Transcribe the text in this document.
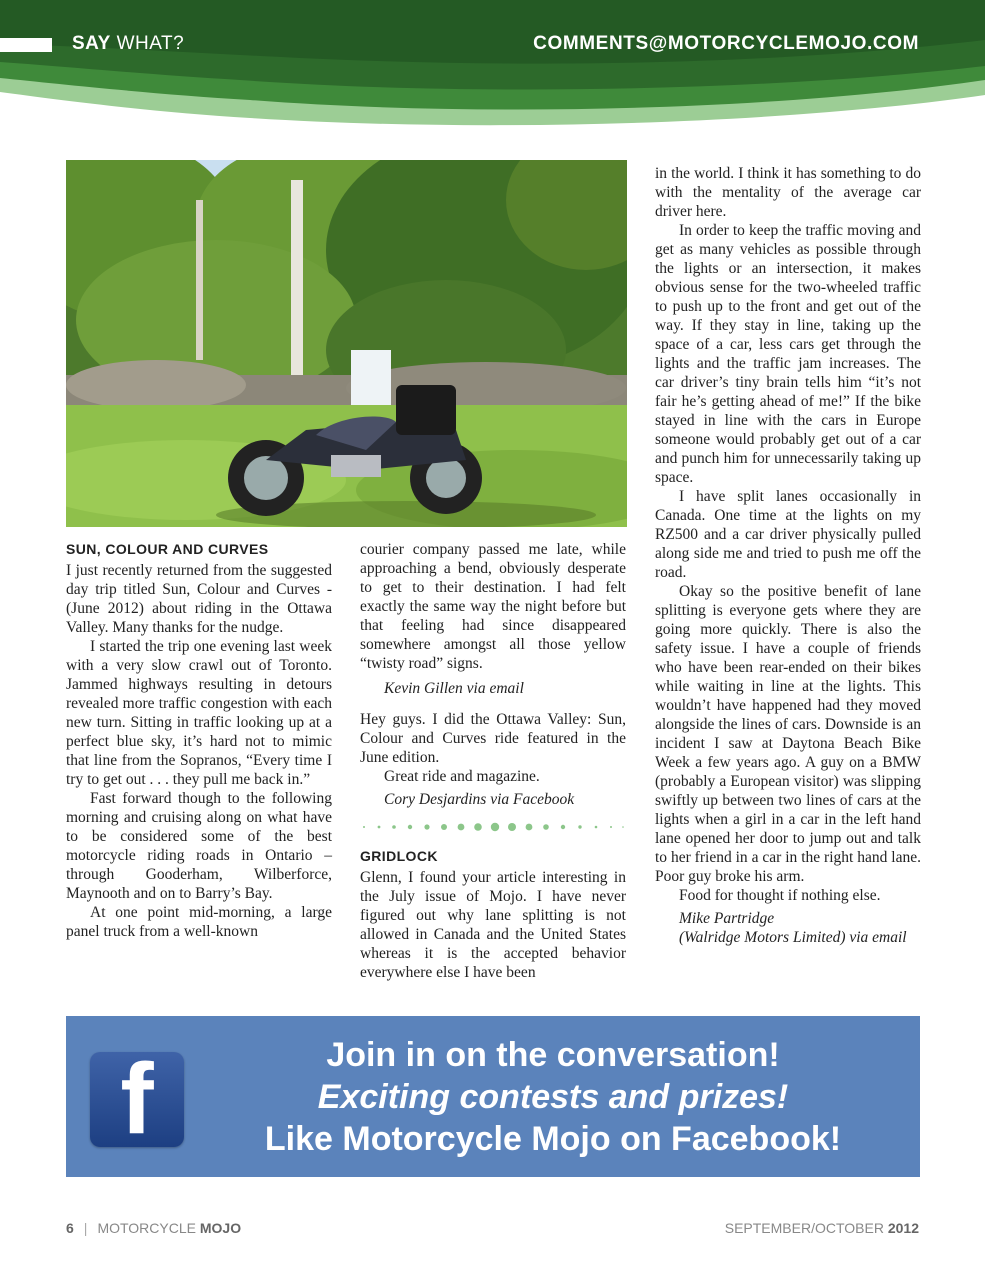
SAY WHAT?	COMMENTS@MOTORCYCLEMOJO.COM
SUN, COLOUR AND CURVES

I just recently returned from the suggested day trip titled Sun, Colour and Curves - (June 2012) about riding in the Ottawa Valley. Many thanks for the nudge.

I started the trip one evening last week with a very slow crawl out of Toronto. Jammed highways resulting in detours revealed more traffic congestion with each new turn. Sitting in traffic looking up at a perfect blue sky, it’s hard not to mimic that line from the Sopranos, “Every time I try to get out . . . they pull me back in.”

Fast forward though to the following morning and cruising along on what have to be considered some of the best motorcycle riding roads in Ontario – through Gooderham, Wilberforce, Maynooth and on to Barry’s Bay.

At one point mid-morning, a large panel truck from a well-known

courier company passed me late, while approaching a bend, obviously desperate to get to their destination. I had felt exactly the same way the night before but that feeling had since disappeared somewhere amongst all those yellow “twisty road” signs.

Kevin Gillen via email

Hey guys. I did the Ottawa Valley: Sun, Colour and Curves ride featured in the June edition.

Great ride and magazine.

Cory Desjardins via Facebook

GRIDLOCK

Glenn, I found your article interesting in the July issue of Mojo. I have never figured out why lane splitting is not allowed in Canada and the United States whereas it is the accepted behavior everywhere else I have been

in the world. I think it has something to do with the mentality of the average car driver here.

In order to keep the traffic moving and get as many vehicles as possible through the lights or an intersection, it makes obvious sense for the two-wheeled traffic to push up to the front and get out of the way. If they stay in line, taking up the space of a car, less cars get through the lights and the traffic jam increases. The car driver’s tiny brain tells him “it’s not fair he’s getting ahead of me!” If the bike stayed in line with the cars in Europe someone would probably get out of a car and punch him for unnecessarily taking up space.

I have split lanes occasionally in Canada. One time at the lights on my RZ500 and a car driver physically pulled along side me and tried to push me off the road.

Okay so the positive benefit of lane splitting is everyone gets where they are going more quickly. There is also the safety issue. I have a couple of friends who have been rear-ended on their bikes while waiting in line at the lights. This wouldn’t have happened had they moved alongside the lines of cars. Downside is an incident I saw at Daytona Beach Bike Week a few years ago. A guy on a BMW (probably a European visitor) was slipping swiftly up between two lines of cars at the lights when a girl in a car in the left hand lane opened her door to jump out and talk to her friend in a car in the right hand lane. Poor guy broke his arm.

Food for thought if nothing else.

Mike Partridge

(Walridge Motors Limited) via email

f	Join in on the conversation!
Exciting contests and prizes!
Like Motorcycle Mojo on Facebook!
6 | MOTORCYCLE MOJO	SEPTEMBER/OCTOBER 2012
